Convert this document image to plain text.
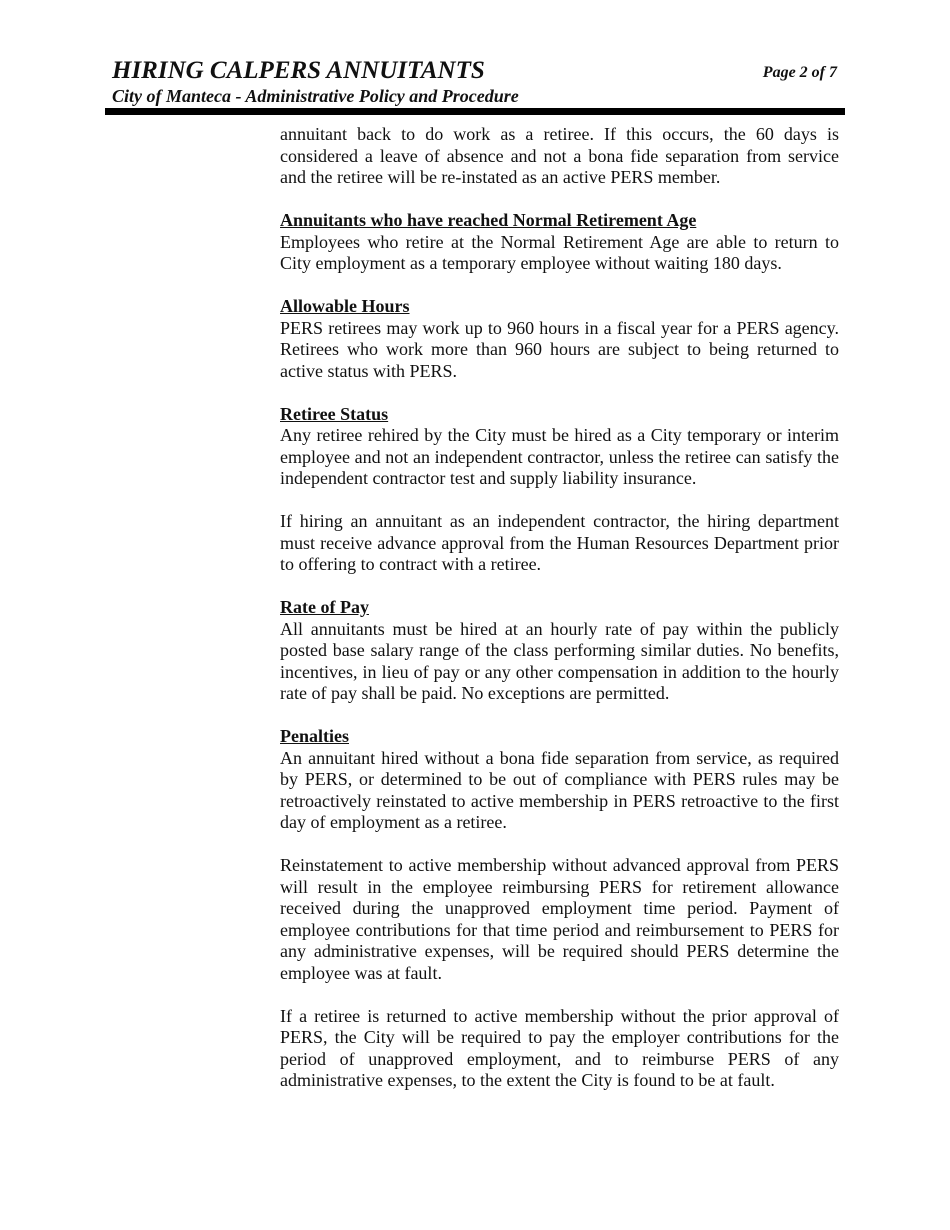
HIRING CALPERS ANNUITANTS	Page 2 of 7
City of Manteca - Administrative Policy and Procedure

annuitant back to do work as a retiree. If this occurs, the 60 days is considered a leave of absence and not a bona fide separation from service and the retiree will be re-instated as an active PERS member.

Annuitants who have reached Normal Retirement Age

Employees who retire at the Normal Retirement Age are able to return to City employment as a temporary employee without waiting 180 days.

Allowable Hours

PERS retirees may work up to 960 hours in a fiscal year for a PERS agency. Retirees who work more than 960 hours are subject to being returned to active status with PERS.

Retiree Status

Any retiree rehired by the City must be hired as a City temporary or interim employee and not an independent contractor, unless the retiree can satisfy the independent contractor test and supply liability insurance.

If hiring an annuitant as an independent contractor, the hiring department must receive advance approval from the Human Resources Department prior to offering to contract with a retiree.

Rate of Pay

All annuitants must be hired at an hourly rate of pay within the publicly posted base salary range of the class performing similar duties. No benefits, incentives, in lieu of pay or any other compensation in addition to the hourly rate of pay shall be paid. No exceptions are permitted.

Penalties

An annuitant hired without a bona fide separation from service, as required by PERS, or determined to be out of compliance with PERS rules may be retroactively reinstated to active membership in PERS retroactive to the first day of employment as a retiree.

Reinstatement to active membership without advanced approval from PERS will result in the employee reimbursing PERS for retirement allowance received during the unapproved employment time period. Payment of employee contributions for that time period and reimbursement to PERS for any administrative expenses, will be required should PERS determine the employee was at fault.

If a retiree is returned to active membership without the prior approval of PERS, the City will be required to pay the employer contributions for the period of unapproved employment, and to reimburse PERS of any administrative expenses, to the extent the City is found to be at fault.
